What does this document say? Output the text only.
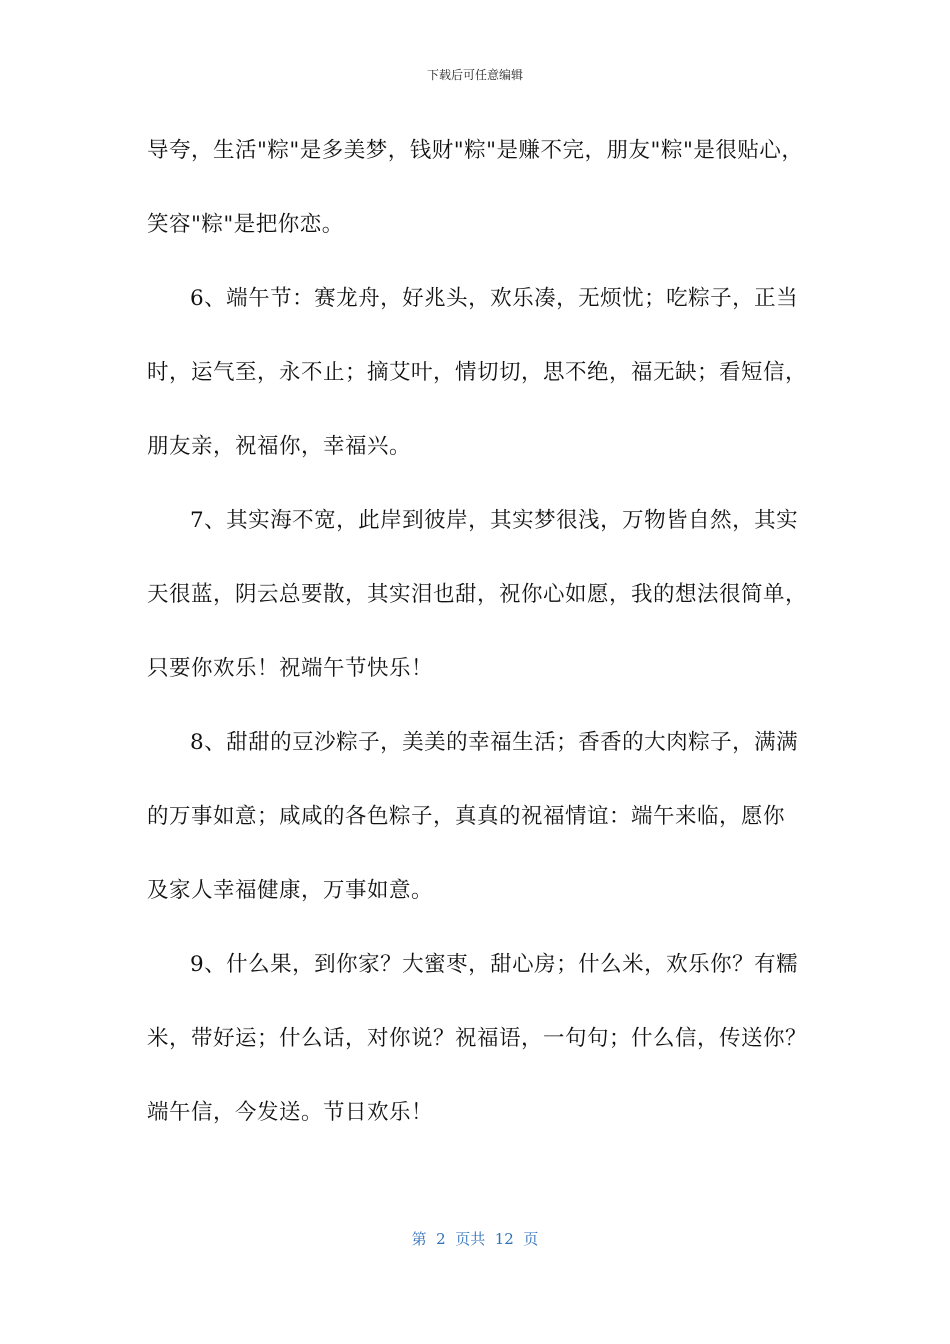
下载后可任意编辑
导夸，生活"粽"是多美梦，钱财"粽"是赚不完，朋友"粽"是很贴心，
笑容"粽"是把你恋。
6、端午节：赛龙舟，好兆头，欢乐凑，无烦忧；吃粽子，正当
时，运气至，永不止；摘艾叶，情切切，思不绝，福无缺；看短信，
朋友亲，祝福你，幸福兴。
7、其实海不宽，此岸到彼岸，其实梦很浅，万物皆自然，其实
天很蓝，阴云总要散，其实泪也甜，祝你心如愿，我的想法很简单，
只要你欢乐！祝端午节快乐！
8、甜甜的豆沙粽子，美美的幸福生活；香香的大肉粽子，满满
的万事如意；咸咸的各色粽子，真真的祝福情谊：端午来临，愿你
及家人幸福健康，万事如意。
9、什么果，到你家？大蜜枣，甜心房；什么米，欢乐你？有糯
米，带好运；什么话，对你说？祝福语，一句句；什么信，传送你？
端午信，今发送。节日欢乐！
第  2  页共  12  页
